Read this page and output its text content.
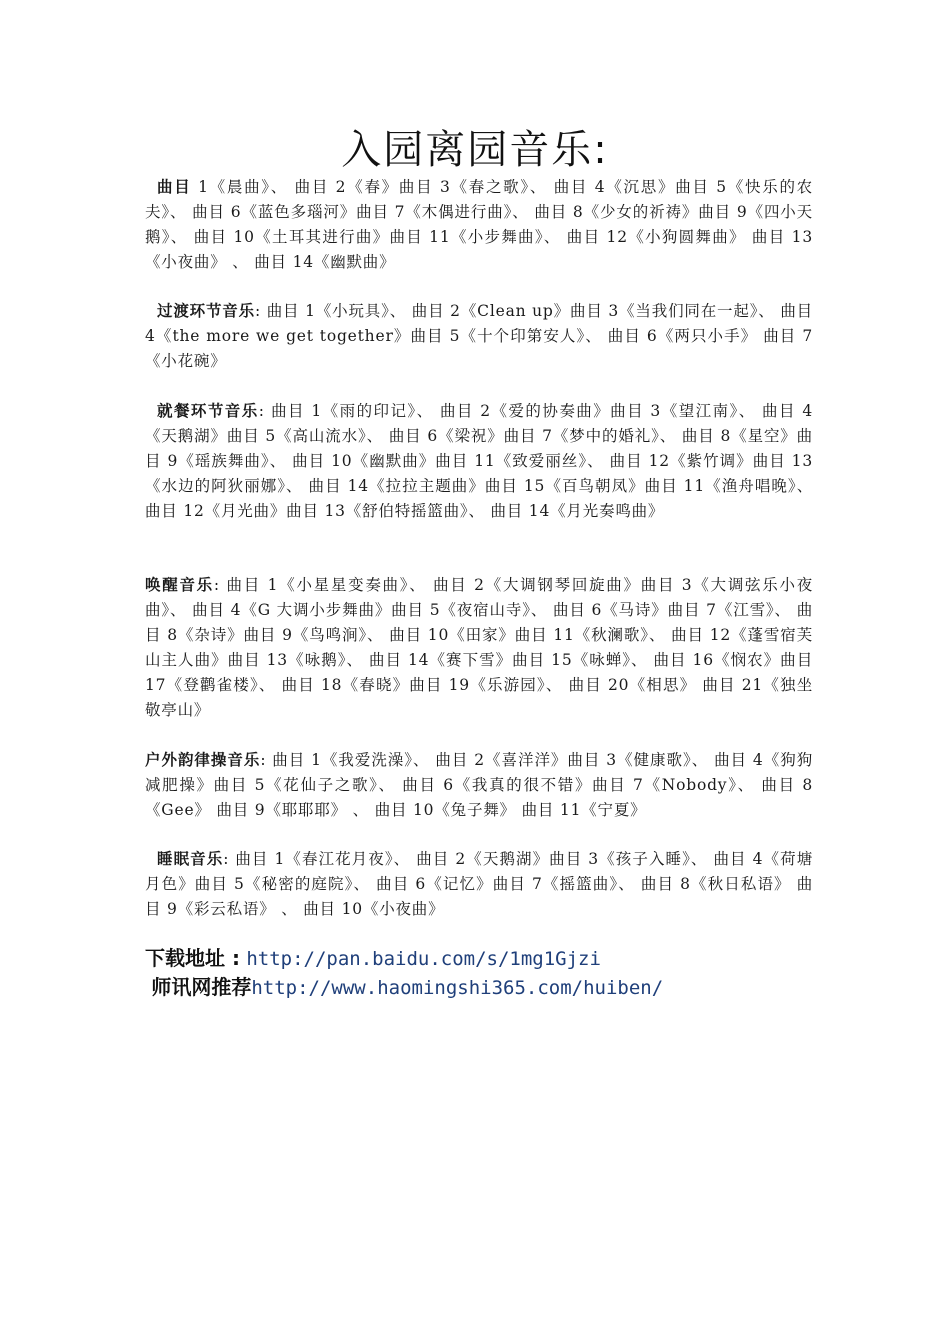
入园离园音乐:
曲目 1《晨曲》、 曲目 2《春》曲目 3《春之歌》、 曲目 4《沉思》曲目 5《快乐的农夫》、 曲目 6《蓝色多瑙河》曲目 7《木偶进行曲》、 曲目 8《少女的祈祷》曲目 9《四小天鹅》、 曲目 10《土耳其进行曲》曲目 11《小步舞曲》、 曲目 12《小狗圆舞曲》 曲目 13《小夜曲》 、 曲目 14《幽默曲》
过渡环节音乐: 曲目 1《小玩具》、 曲目 2《Clean up》曲目 3《当我们同在一起》、 曲目 4《the more we get together》曲目 5《十个印第安人》、 曲目 6《两只小手》 曲目 7《小花碗》
就餐环节音乐: 曲目 1《雨的印记》、 曲目 2《爱的协奏曲》曲目 3《望江南》、 曲目 4《天鹅湖》曲目 5《高山流水》、 曲目 6《梁祝》曲目 7《梦中的婚礼》、 曲目 8《星空》曲目 9《瑶族舞曲》、 曲目 10《幽默曲》曲目 11《致爱丽丝》、 曲目 12《紫竹调》曲目 13《水边的阿狄丽娜》、 曲目 14《拉拉主题曲》曲目 15《百鸟朝凤》曲目 11《渔舟唱晚》、 曲目 12《月光曲》曲目 13《舒伯特摇篮曲》、 曲目 14《月光奏鸣曲》
唤醒音乐: 曲目 1《小星星变奏曲》、 曲目 2《大调钢琴回旋曲》曲目 3《大调弦乐小夜曲》、 曲目 4《G 大调小步舞曲》曲目 5《夜宿山寺》、 曲目 6《马诗》曲目 7《江雪》、 曲目 8《杂诗》曲目 9《鸟鸣涧》、 曲目 10《田家》曲目 11《秋澜歌》、 曲目 12《蓬雪宿芙山主人曲》曲目 13《咏鹅》、 曲目 14《赛下雪》曲目 15《咏蝉》、 曲目 16《悯农》曲目 17《登鹳雀楼》、 曲目 18《春晓》曲目 19《乐游园》、 曲目 20《相思》 曲目 21《独坐敬亭山》
户外韵律操音乐: 曲目 1《我爱洗澡》、 曲目 2《喜洋洋》曲目 3《健康歌》、 曲目 4《狗狗减肥操》曲目 5《花仙子之歌》、 曲目 6《我真的很不错》曲目 7《Nobody》、 曲目 8《Gee》 曲目 9《耶耶耶》 、 曲目 10《兔子舞》 曲目 11《宁夏》
睡眠音乐: 曲目 1《春江花月夜》、 曲目 2《天鹅湖》曲目 3《孩子入睡》、 曲目 4《荷塘月色》曲目 5《秘密的庭院》、 曲目 6《记忆》曲目 7《摇篮曲》、 曲目 8《秋日私语》 曲目 9《彩云私语》 、 曲目 10《小夜曲》
下载地址 : http://pan.baidu.com/s/1mg1Gjzi
师讯网推荐http://www.haomingshi365.com/huiben/
